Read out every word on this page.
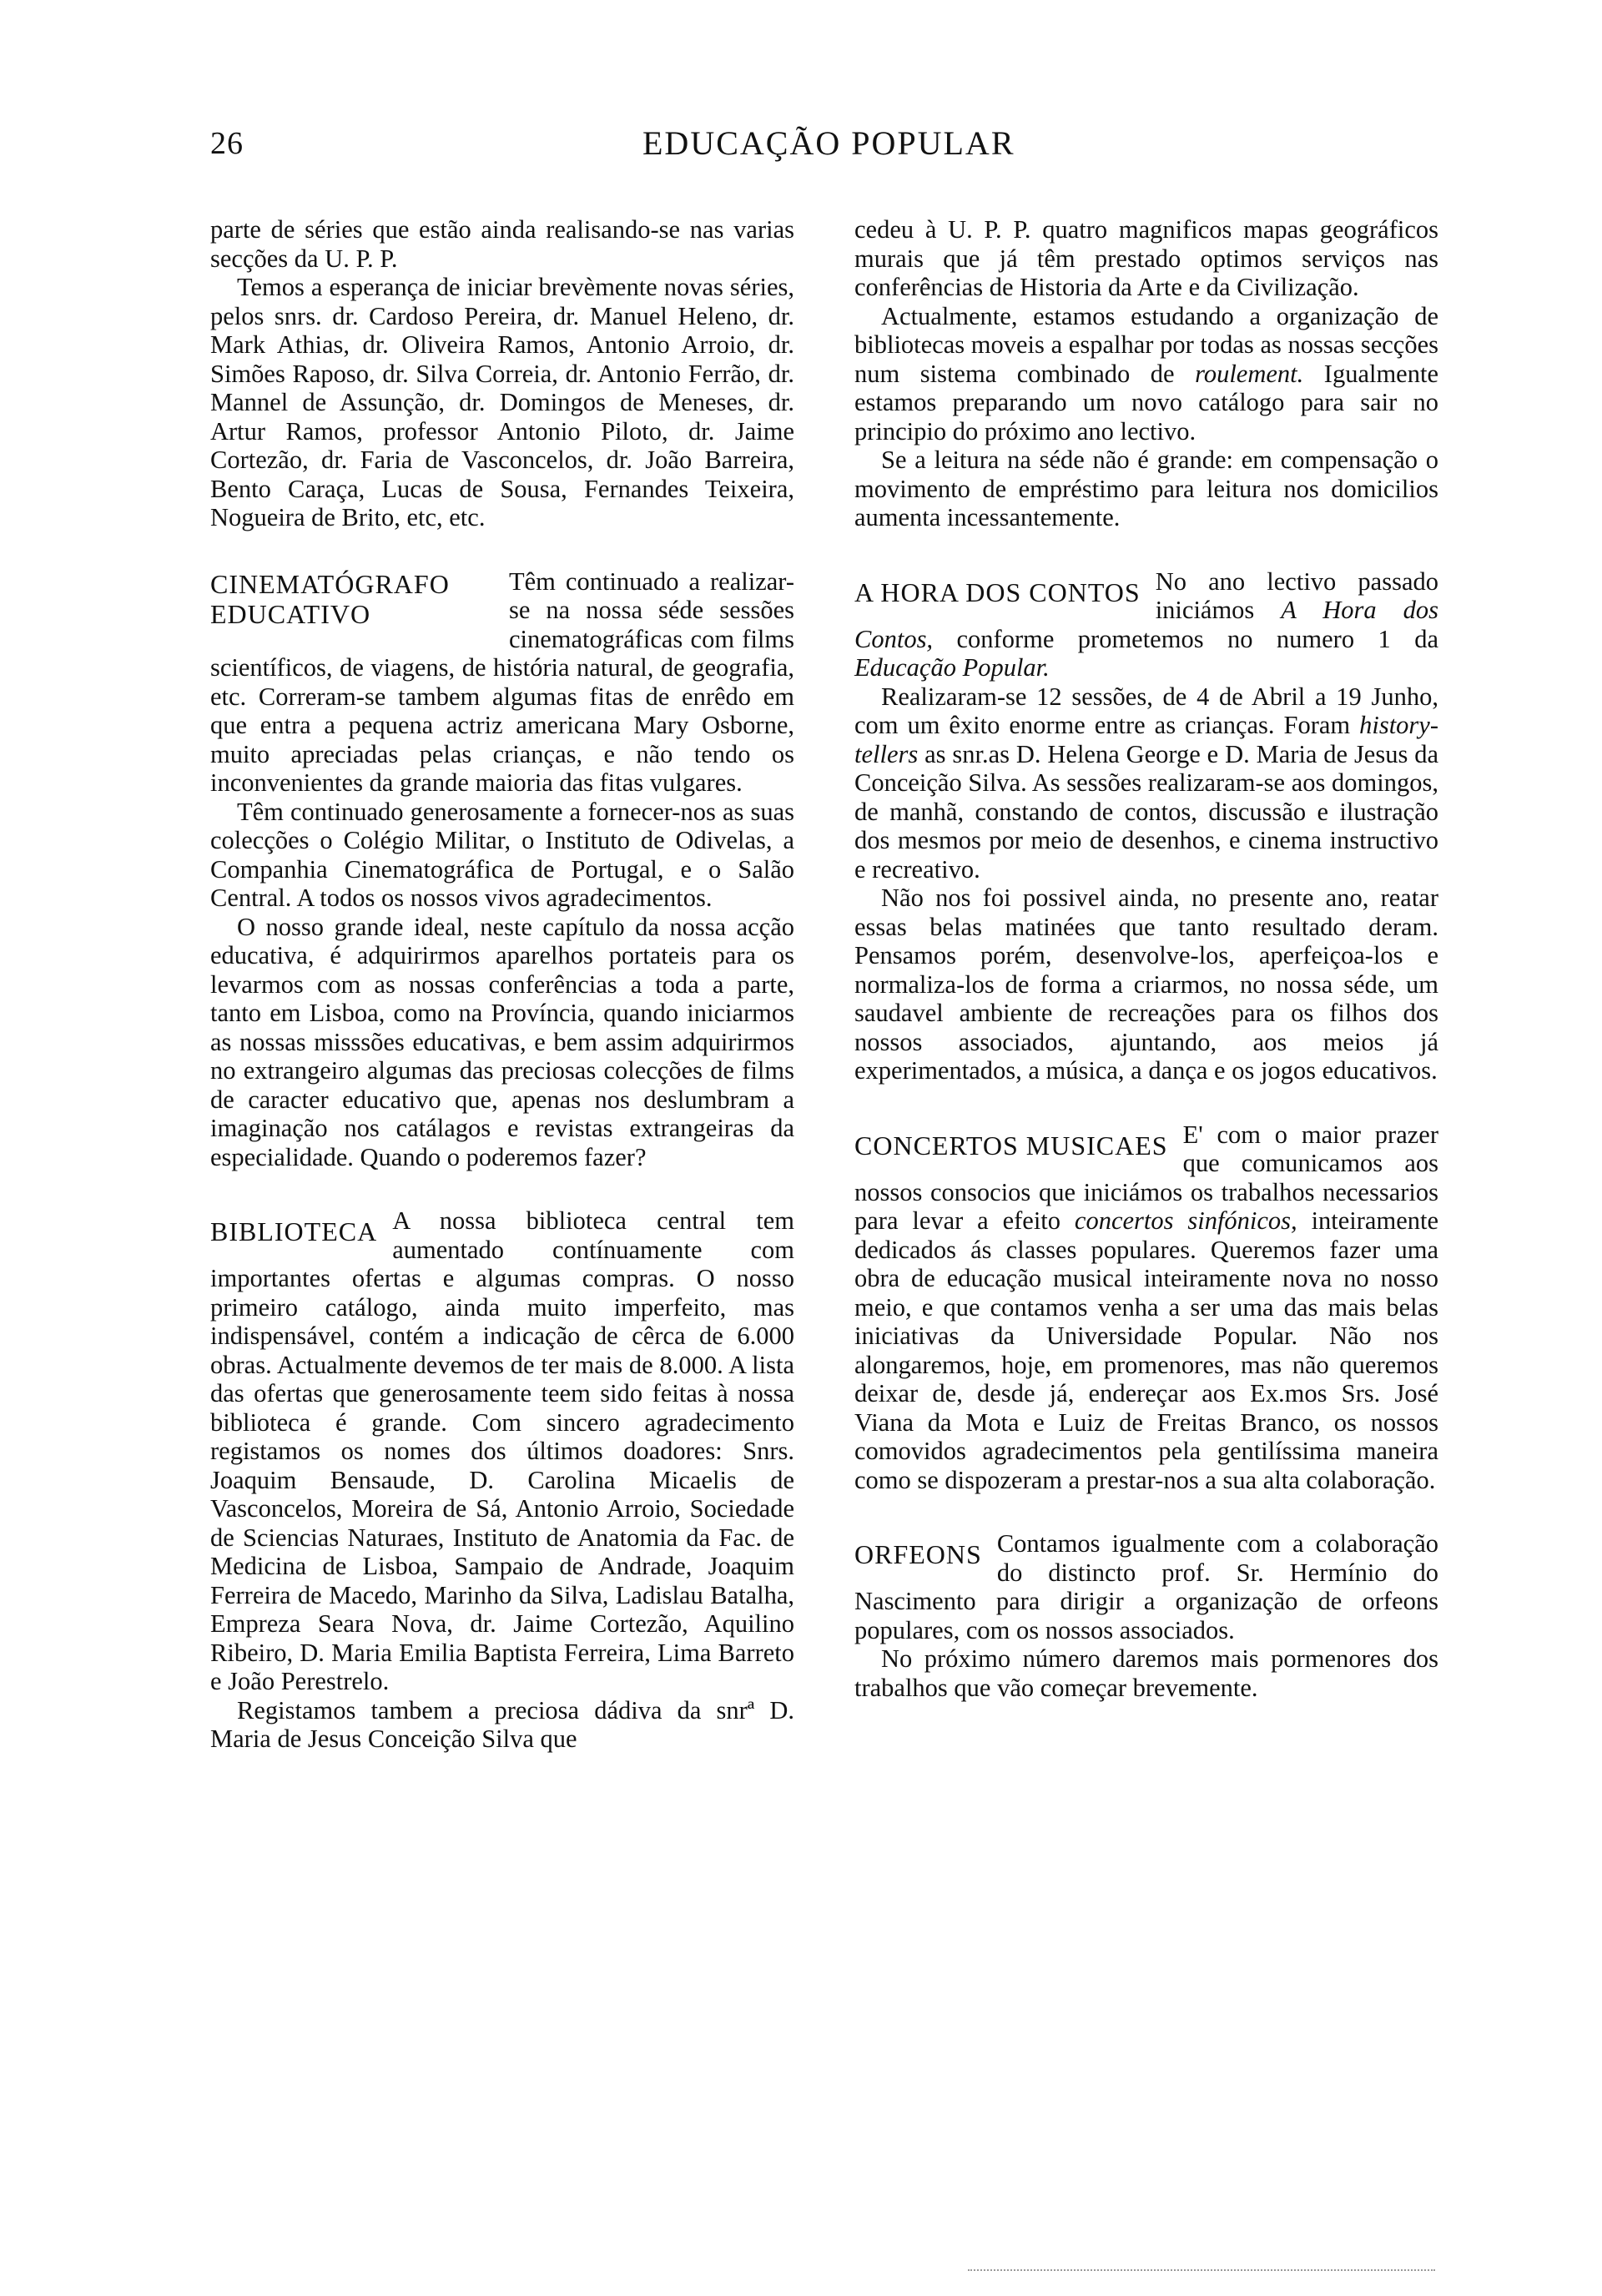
26	EDUCAÇÃO POPULAR

parte de séries que estão ainda realisando-se nas varias secções da U. P. P.

Temos a esperança de iniciar brevèmente novas séries, pelos snrs. dr. Cardoso Pereira, dr. Manuel Heleno, dr. Mark Athias, dr. Oliveira Ramos, Antonio Arroio, dr. Simões Raposo, dr. Silva Correia, dr. Antonio Ferrão, dr. Mannel de Assunção, dr. Domingos de Meneses, dr. Artur Ramos, professor Antonio Piloto, dr. Jaime Cortezão, dr. Faria de Vasconcelos, dr. João Barreira, Bento Caraça, Lucas de Sousa, Fernandes Teixeira, Nogueira de Brito, etc, etc.

CINEMATÓGRAFO EDUCATIVO

Têm continuado a realizar-se na nossa séde sessões cinematográficas com films scientíficos, de viagens, de história natural, de geografia, etc. Correram-se tambem algumas fitas de enrêdo em que entra a pequena actriz americana Mary Osborne, muito apreciadas pelas crianças, e não tendo os inconvenientes da grande maioria das fitas vulgares.

Têm continuado generosamente a fornecer-nos as suas colecções o Colégio Militar, o Instituto de Odivelas, a Companhia Cinematográfica de Portugal, e o Salão Central. A todos os nossos vivos agradecimentos.

O nosso grande ideal, neste capítulo da nossa acção educativa, é adquirirmos aparelhos portateis para os levarmos com as nossas conferências a toda a parte, tanto em Lisboa, como na Província, quando iniciarmos as nossas misssões educativas, e bem assim adquirirmos no extrangeiro algumas das preciosas colecções de films de caracter educativo que, apenas nos deslumbram a imaginação nos catálagos e revistas extrangeiras da especialidade. Quando o poderemos fazer?

BIBLIOTECA A nossa biblioteca central tem aumentado contínuamente com importantes ofertas e algumas compras. O nosso primeiro catálogo, ainda muito imperfeito, mas indispensável, contém a indicação de cêrca de 6.000 obras. Actualmente devemos de ter mais de 8.000. A lista das ofertas que generosamente teem sido feitas à nossa biblioteca é grande. Com sincero agradecimento registamos os nomes dos últimos doadores: Snrs. Joaquim Bensaude, D. Carolina Micaelis de Vasconcelos, Moreira de Sá, Antonio Arroio, Sociedade de Sciencias Naturaes, Instituto de Anatomia da Fac. de Medicina de Lisboa, Sampaio de Andrade, Joaquim Ferreira de Macedo, Marinho da Silva, Ladislau Batalha, Empreza Seara Nova, dr. Jaime Cortezão, Aquilino Ribeiro, D. Maria Emilia Baptista Ferreira, Lima Barreto e João Perestrelo.

Registamos tambem a preciosa dádiva da snrª D. Maria de Jesus Conceição Silva que

cedeu à U. P. P. quatro magnificos mapas geográficos murais que já têm prestado optimos serviços nas conferências de Historia da Arte e da Civilização.

Actualmente, estamos estudando a organização de bibliotecas moveis a espalhar por todas as nossas secções num sistema combinado de roulement. Igualmente estamos preparando um novo catálogo para sair no principio do próximo ano lectivo.

Se a leitura na séde não é grande: em compensação o movimento de empréstimo para leitura nos domicilios aumenta incessantemente.

A HORA DOS CONTOS No ano lectivo passado iniciámos A Hora dos Contos, conforme prometemos no numero 1 da Educação Popular.

Realizaram-se 12 sessões, de 4 de Abril a 19 Junho, com um êxito enorme entre as crianças. Foram history-tellers as snr.as D. Helena George e D. Maria de Jesus da Conceição Silva. As sessões realizaram-se aos domingos, de manhã, constando de contos, discussão e ilustração dos mesmos por meio de desenhos, e cinema instructivo e recreativo.

Não nos foi possivel ainda, no presente ano, reatar essas belas matinées que tanto resultado deram. Pensamos porém, desenvolve-los, aperfeiçoa-los e normaliza-los de forma a criarmos, no nossa séde, um saudavel ambiente de recreações para os filhos dos nossos associados, ajuntando, aos meios já experimentados, a música, a dança e os jogos educativos.

CONCERTOS MUSICAES E' com o maior prazer que comunicamos aos nossos consocios que iniciámos os trabalhos necessarios para levar a efeito concertos sinfónicos, inteiramente dedicados ás classes populares. Queremos fazer uma obra de educação musical inteiramente nova no nosso meio, e que contamos venha a ser uma das mais belas iniciativas da Universidade Popular. Não nos alongaremos, hoje, em promenores, mas não queremos deixar de, desde já, endereçar aos Ex.mos Srs. José Viana da Mota e Luiz de Freitas Branco, os nossos comovidos agradecimentos pela gentilíssima maneira como se dispozeram a prestar-nos a sua alta colaboração.

ORFEONS Contamos igualmente com a colaboração do distincto prof. Sr. Hermínio do Nascimento para dirigir a organização de orfeons populares, com os nossos associados.

No próximo número daremos mais pormenores dos trabalhos que vão começar brevemente.
